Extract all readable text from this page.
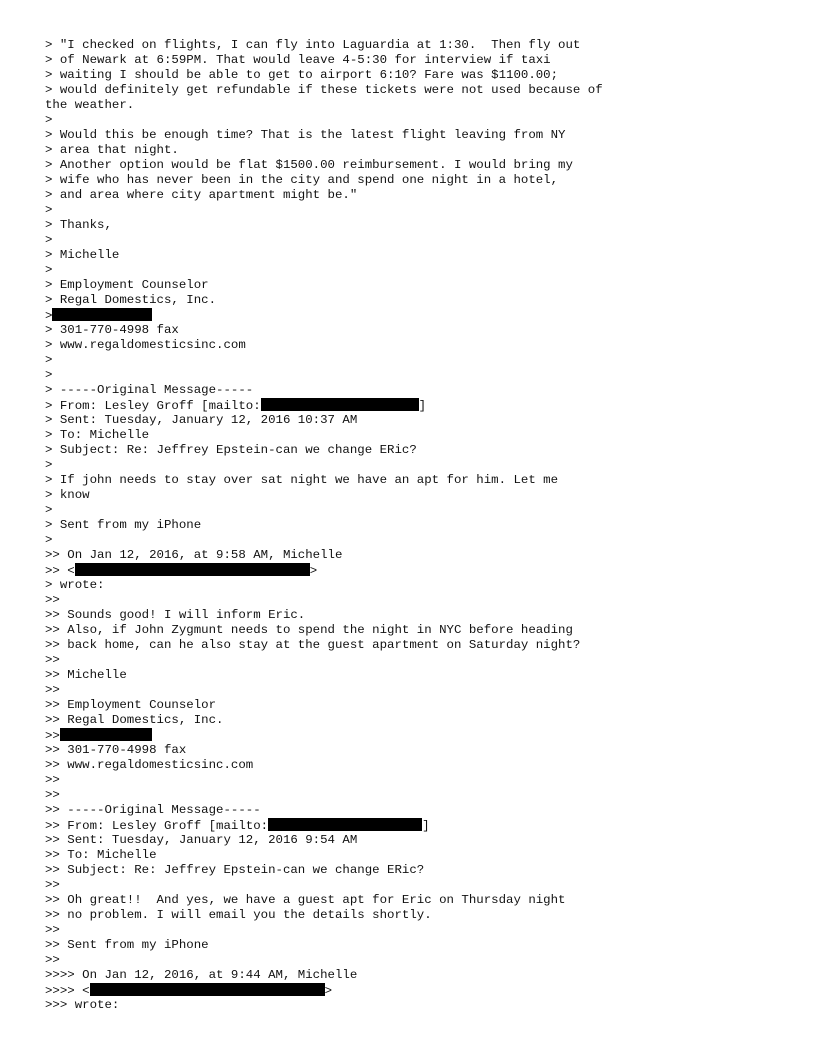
> "I checked on flights, I can fly into Laguardia at 1:30.  Then fly out
> of Newark at 6:59PM. That would leave 4-5:30 for interview if taxi
> waiting I should be able to get to airport 6:10? Fare was $1100.00;
> would definitely get refundable if these tickets were not used because of
the weather.
>
> Would this be enough time? That is the latest flight leaving from NY
> area that night.
> Another option would be flat $1500.00 reimbursement. I would bring my
> wife who has never been in the city and spend one night in a hotel,
> and area where city apartment might be."
>
> Thanks,
>
> Michelle
>
> Employment Counselor
> Regal Domestics, Inc.
>
> 301-770-4998 fax
> www.regaldomesticsinc.com
>
>
> -----Original Message-----
> From: Lesley Groff [mailto:	]
> Sent: Tuesday, January 12, 2016 10:37 AM
> To: Michelle
> Subject: Re: Jeffrey Epstein-can we change ERic?
>
> If john needs to stay over sat night we have an apt for him. Let me
> know
>
> Sent from my iPhone
>
>> On Jan 12, 2016, at 9:58 AM, Michelle
>> <	>
> wrote:
>>
>> Sounds good! I will inform Eric.
>> Also, if John Zygmunt needs to spend the night in NYC before heading
>> back home, can he also stay at the guest apartment on Saturday night?
>>
>> Michelle
>>
>> Employment Counselor
>> Regal Domestics, Inc.
>>
>> 301-770-4998 fax
>> www.regaldomesticsinc.com
>>
>>
>> -----Original Message-----
>> From: Lesley Groff [mailto:	]
>> Sent: Tuesday, January 12, 2016 9:54 AM
>> To: Michelle
>> Subject: Re: Jeffrey Epstein-can we change ERic?
>>
>> Oh great!!  And yes, we have a guest apt for Eric on Thursday night
>> no problem. I will email you the details shortly.
>>
>> Sent from my iPhone
>>
>>>> On Jan 12, 2016, at 9:44 AM, Michelle
>>>> <	>
>>> wrote:
